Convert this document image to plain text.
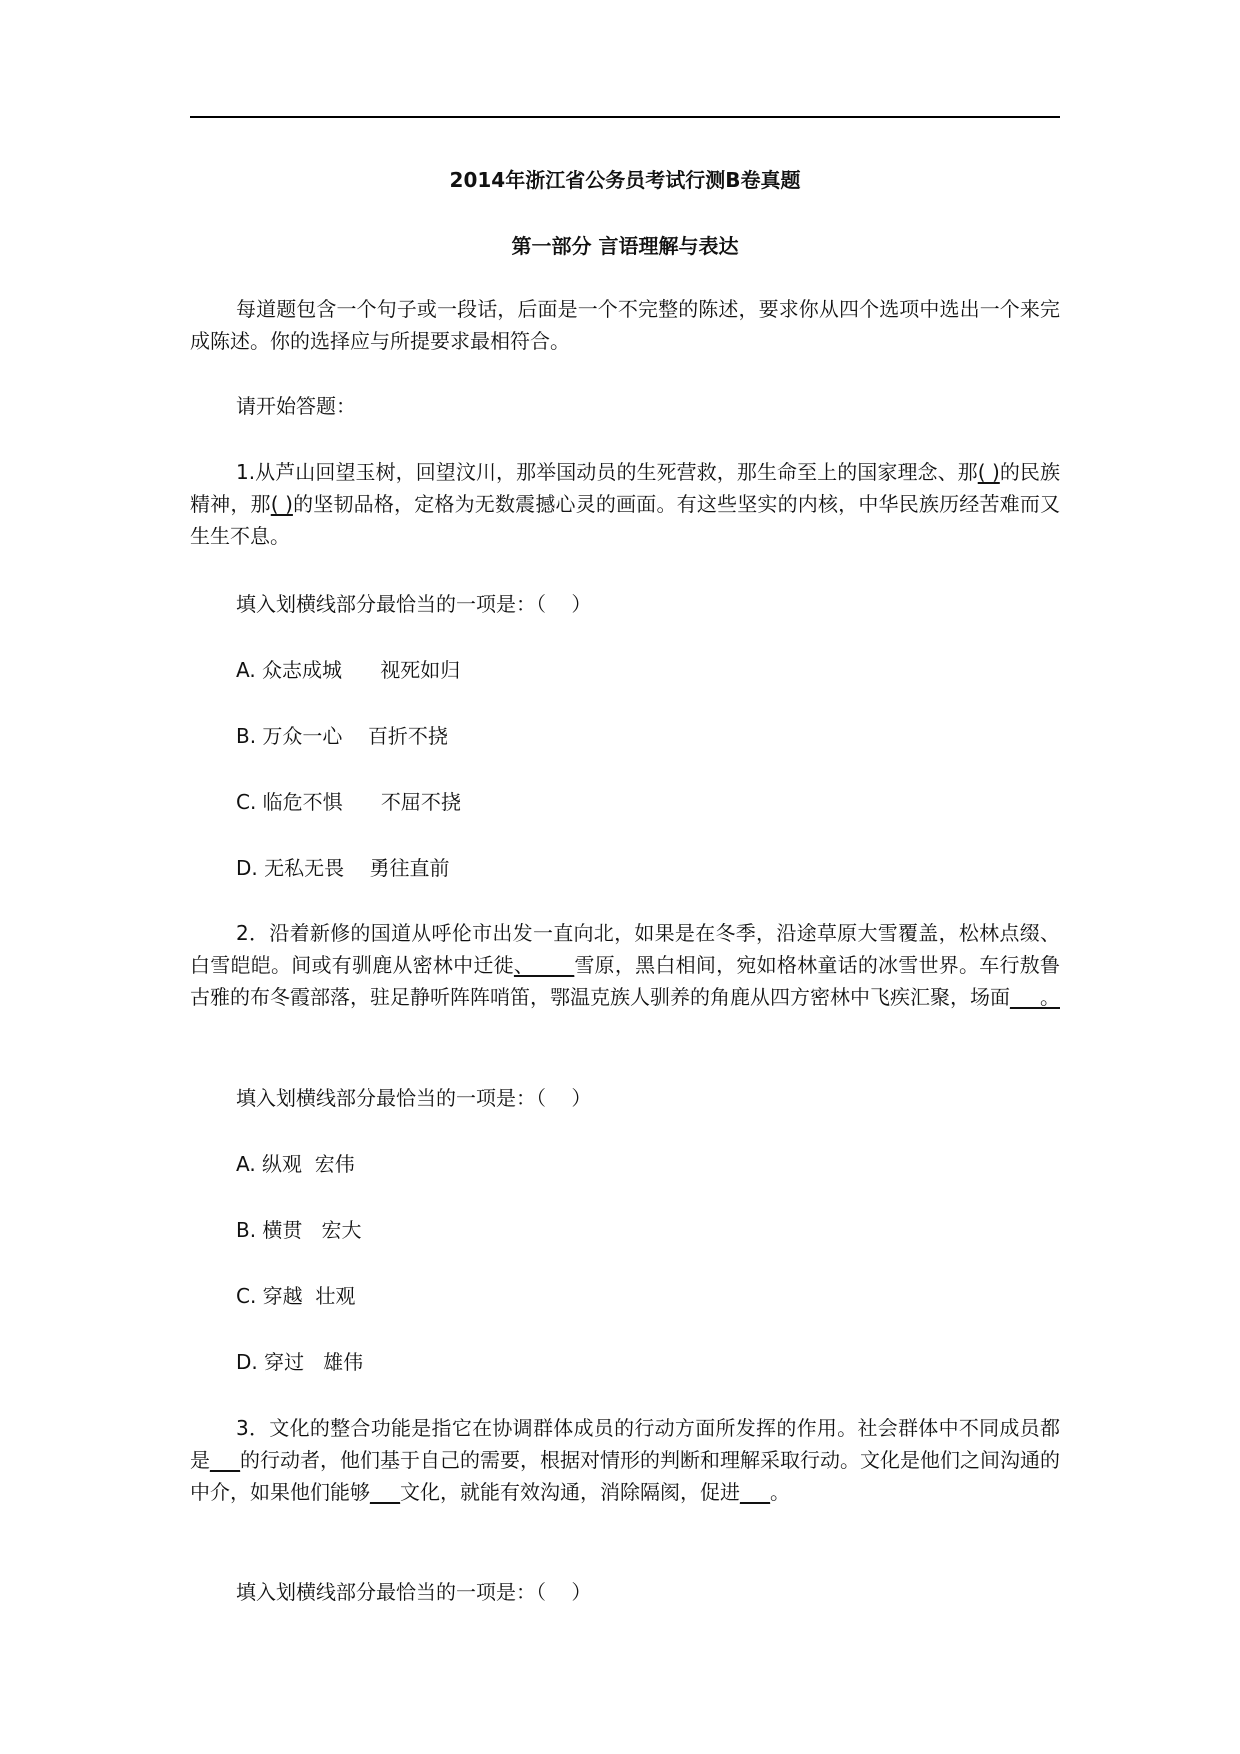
2014年浙江省公务员考试行测B卷真题
第一部分 言语理解与表达

每道题包含一个句子或一段话，后面是一个不完整的陈述，要求你从四个选项中选出一个来完成陈述。你的选择应与所提要求最相符合。

请开始答题：

1.从芦山回望玉树，回望汶川，那举国动员的生死营救，那生命至上的国家理念、那( )的民族精神，那( )的坚韧品格，定格为无数震撼心灵的画面。有这些坚实的内核，中华民族历经苦难而又生生不息。

填入划横线部分最恰当的一项是：（    ）

A. 众志成城      视死如归

B. 万众一心    百折不挠

C. 临危不惧      不屈不挠

D. 无私无畏    勇往直前

2．沿着新修的国道从呼伦市出发一直向北，如果是在冬季，沿途草原大雪覆盖，松林点缀、白雪皑皑。间或有驯鹿从密林中迁徙、____雪原，黑白相间，宛如格林童话的冰雪世界。车行敖鲁古雅的布冬霞部落，驻足静听阵阵哨笛，鄂温克族人驯养的角鹿从四方密林中飞疾汇聚，场面___。

填入划横线部分最恰当的一项是：（    ）

A. 纵观  宏伟

B. 横贯   宏大

C. 穿越  壮观

D. 穿过   雄伟

3．文化的整合功能是指它在协调群体成员的行动方面所发挥的作用。社会群体中不同成员都是___的行动者，他们基于自己的需要，根据对情形的判断和理解采取行动。文化是他们之间沟通的中介，如果他们能够___文化，就能有效沟通，消除隔阂，促进___。

填入划横线部分最恰当的一项是：（    ）
